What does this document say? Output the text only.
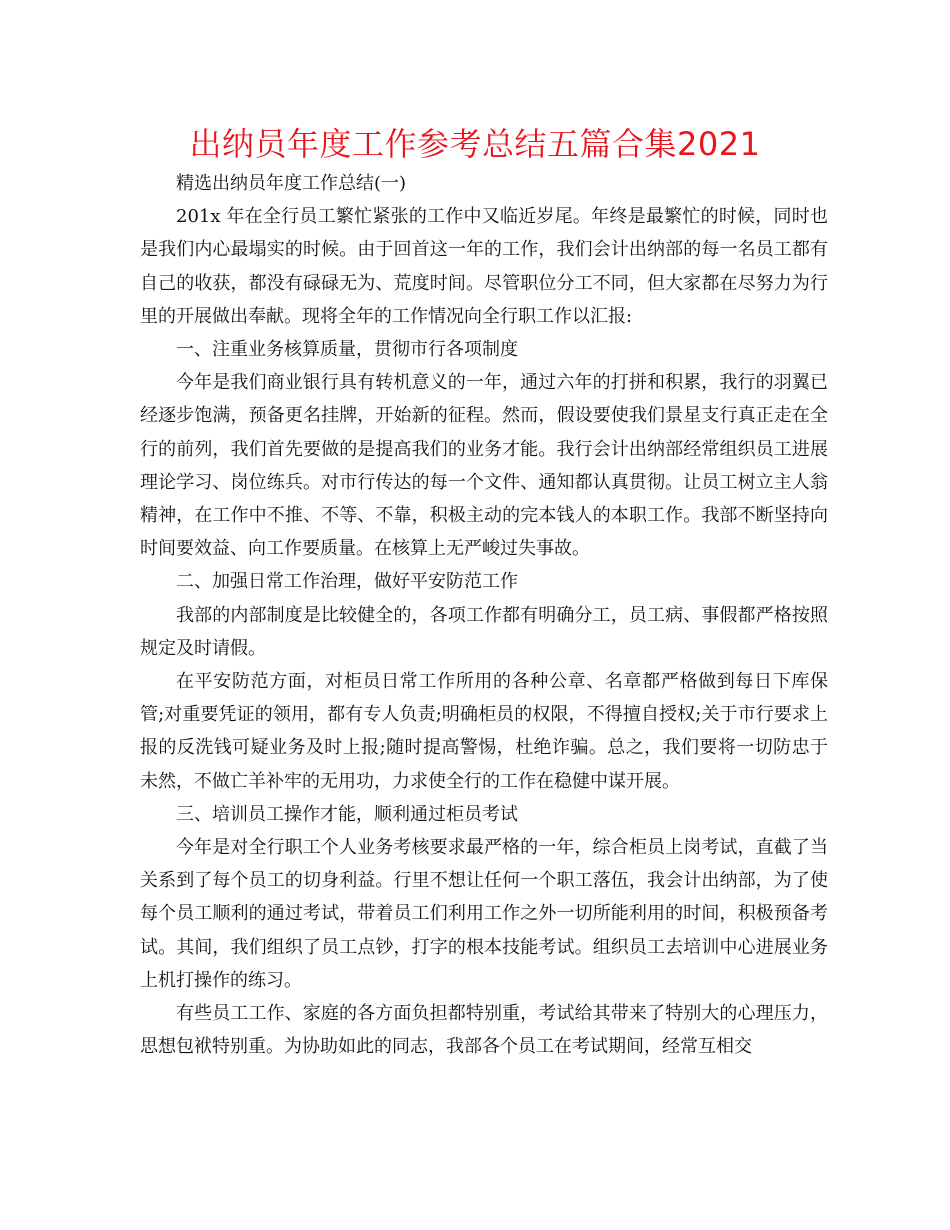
出纳员年度工作参考总结五篇合集2021

精选出纳员年度工作总结(一)

201x 年在全行员工繁忙紧张的工作中又临近岁尾。年终是最繁忙的时候，同时也是我们内心最塌实的时候。由于回首这一年的工作，我们会计出纳部的每一名员工都有自己的收获，都没有碌碌无为、荒度时间。尽管职位分工不同，但大家都在尽努力为行里的开展做出奉献。现将全年的工作情况向全行职工作以汇报:

一、注重业务核算质量，贯彻市行各项制度

今年是我们商业银行具有转机意义的一年，通过六年的打拼和积累，我行的羽翼已经逐步饱满，预备更名挂牌，开始新的征程。然而，假设要使我们景星支行真正走在全行的前列，我们首先要做的是提高我们的业务才能。我行会计出纳部经常组织员工进展理论学习、岗位练兵。对市行传达的每一个文件、通知都认真贯彻。让员工树立主人翁精神，在工作中不推、不等、不靠，积极主动的完本钱人的本职工作。我部不断坚持向时间要效益、向工作要质量。在核算上无严峻过失事故。

二、加强日常工作治理，做好平安防范工作

我部的内部制度是比较健全的，各项工作都有明确分工，员工病、事假都严格按照规定及时请假。

在平安防范方面，对柜员日常工作所用的各种公章、名章都严格做到每日下库保管;对重要凭证的领用，都有专人负责;明确柜员的权限，不得擅自授权;关于市行要求上报的反洗钱可疑业务及时上报;随时提高警惕，杜绝诈骗。总之，我们要将一切防忠于未然，不做亡羊补牢的无用功，力求使全行的工作在稳健中谋开展。

三、培训员工操作才能，顺利通过柜员考试

今年是对全行职工个人业务考核要求最严格的一年，综合柜员上岗考试，直截了当关系到了每个员工的切身利益。行里不想让任何一个职工落伍，我会计出纳部，为了使每个员工顺利的通过考试，带着员工们利用工作之外一切所能利用的时间，积极预备考试。其间，我们组织了员工点钞，打字的根本技能考试。组织员工去培训中心进展业务上机打操作的练习。

有些员工工作、家庭的各方面负担都特别重，考试给其带来了特别大的心理压力，思想包袱特别重。为协助如此的同志，我部各个员工在考试期间，经常互相交
